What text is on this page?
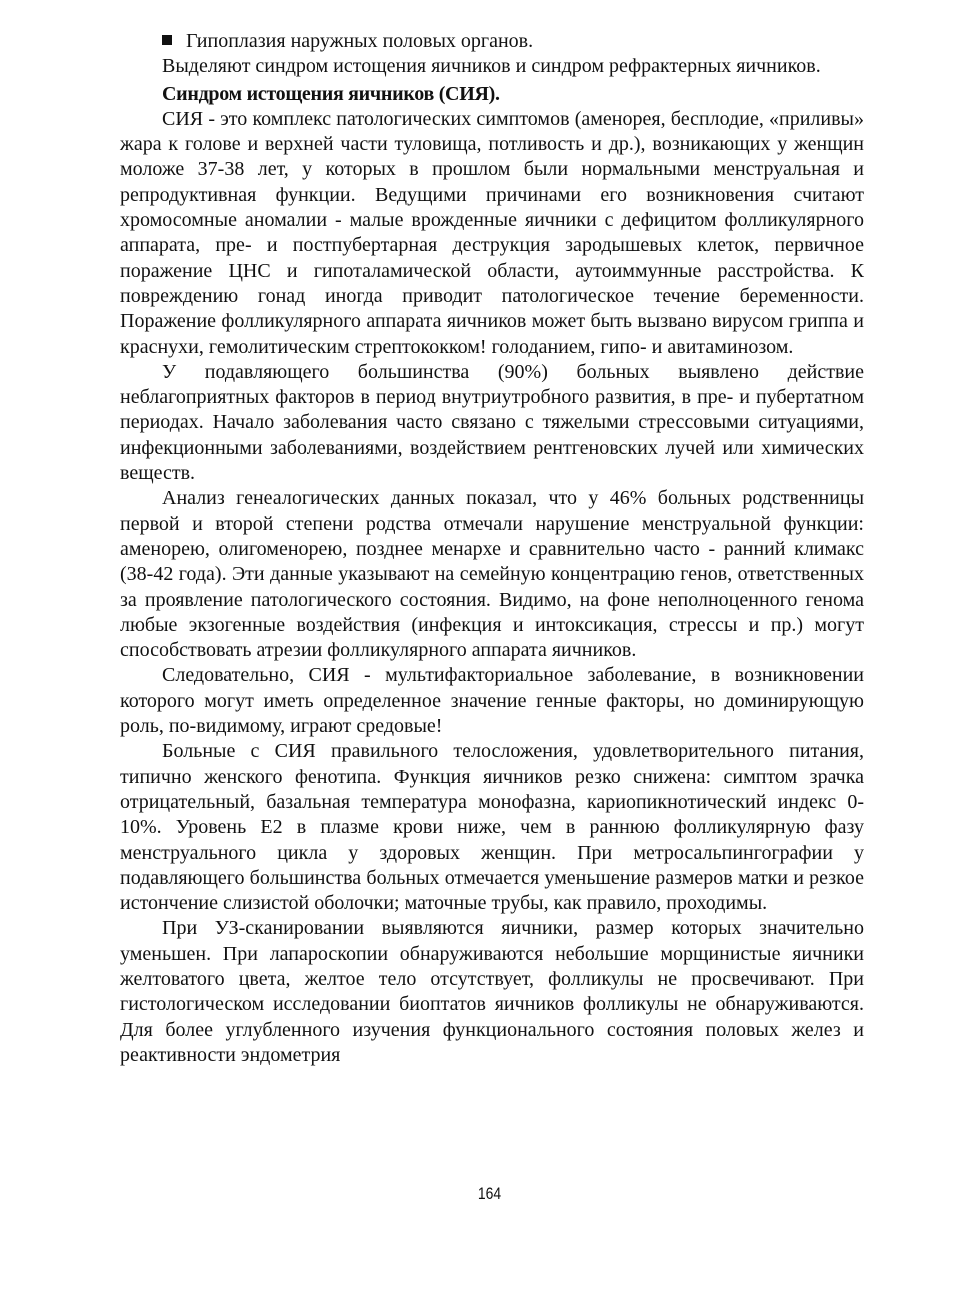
Гипоплазия наружных половых органов.

Выделяют синдром истощения яичников и синдром рефрактерных яичников.

Синдром истощения яичников (СИЯ).

СИЯ - это комплекс патологических симптомов (аменорея, бесплодие, «приливы» жара к голове и верхней части туловища, потливость и др.), возникающих у женщин моложе 37-38 лет, у которых в прошлом были нормальными менструальная и репродуктивная функции. Ведущими причинами его возникновения считают хромосомные аномалии - малые врожденные яичники с дефицитом фолликулярного аппарата, пре- и постпубертарная деструкция зародышевых клеток, первичное поражение ЦНС и гипоталамической области, аутоиммунные расстройства. К повреждению гонад иногда приводит патологическое течение беременности. Поражение фолликулярного аппарата яичников может быть вызвано вирусом гриппа и краснухи, гемолитическим стрептококком! голоданием, гипо- и авитаминозом.

У подавляющего большинства (90%) больных выявлено действие неблагоприятных факторов в период внутриутробного развития, в пре- и пубертатном периодах. Начало заболевания часто связано с тяжелыми стрессовыми ситуациями, инфекционными заболеваниями, воздействием рентгеновских лучей или химических веществ.

Анализ генеалогических данных показал, что у 46% больных родственницы первой и второй степени родства отмечали нарушение менструальной функции: аменорею, олигоменорею, позднее менархе и сравнительно часто - ранний климакс (38-42 года). Эти данные указывают на семейную концентрацию генов, ответственных за проявление патологического состояния. Видимо, на фоне неполноценного генома любые экзогенные воздействия (инфекция и интоксикация, стрессы и пр.) могут способствовать атрезии фолликулярного аппарата яичников.

Следовательно, СИЯ - мультифакториальное заболевание, в возникновении которого могут иметь определенное значение генные факторы, но доминирующую роль, по-видимому, играют средовые!

Больные с СИЯ правильного телосложения, удовлетворительного питания, типично женского фенотипа. Функция яичников резко снижена: симптом зрачка отрицательный, базальная температура монофазна, кариопикнотический индекс 0-10%. Уровень Е2 в плазме крови ниже, чем в раннюю фолликулярную фазу менструального цикла у здоровых женщин. При метросальпингографии у подавляющего большинства больных отмечается уменьшение размеров матки и резкое истончение слизистой оболочки; маточные трубы, как правило, проходимы.

При УЗ-сканировании выявляются яичники, размер которых значительно уменьшен. При лапароскопии обнаруживаются небольшие морщинистые яичники желтоватого цвета, желтое тело отсутствует, фолликулы не просвечивают. При гистологическом исследовании биоптатов яичников фолликулы не обнаруживаются. Для более углубленного изучения функционального состояния половых желез и реактивности эндометрия

164
